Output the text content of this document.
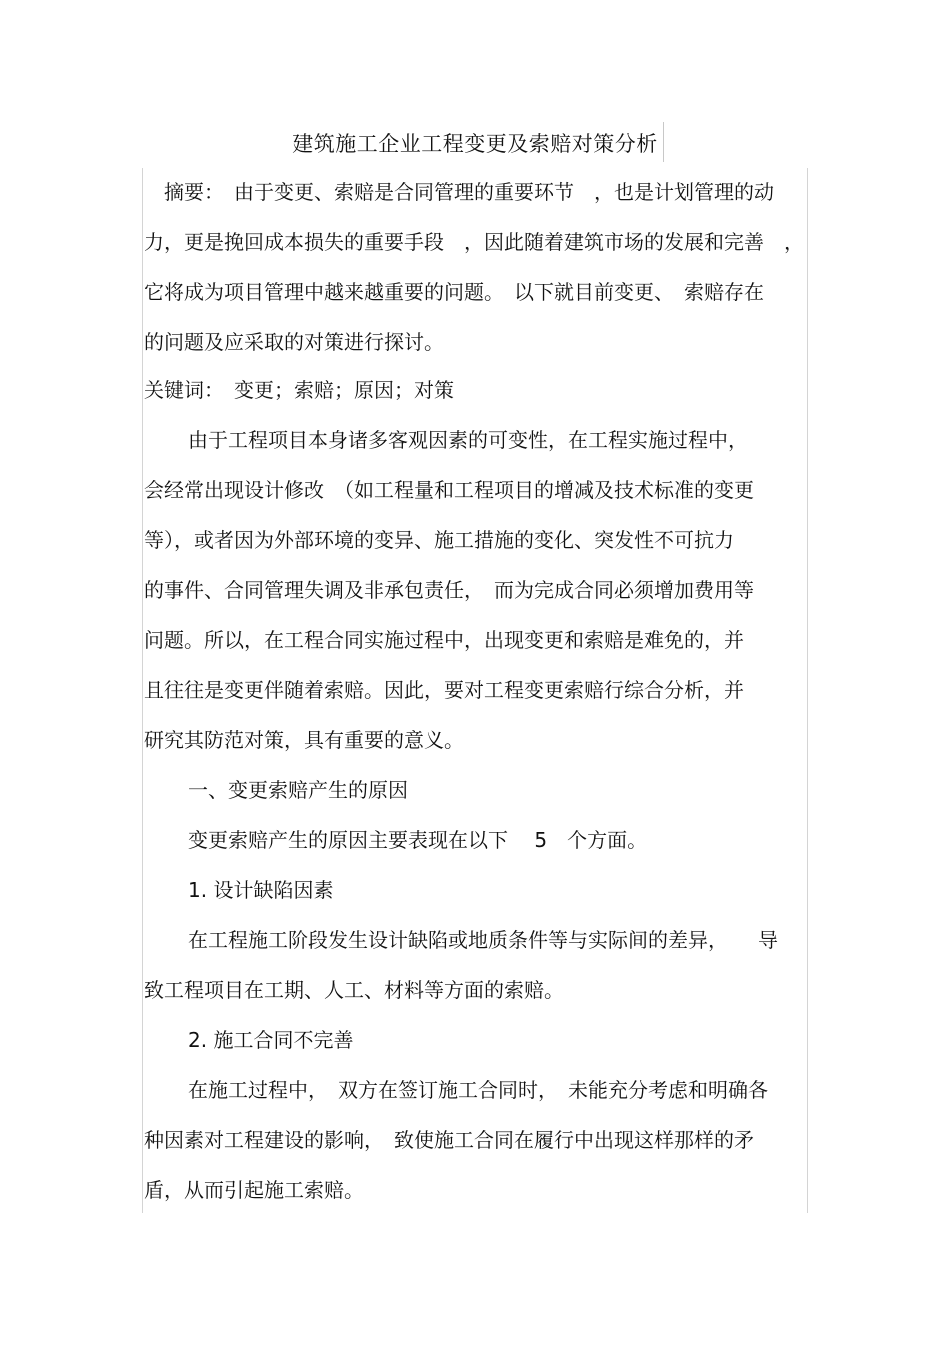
建筑施工企业工程变更及索赔对策分析
　摘要：　由于变更、索赔是合同管理的重要环节　，也是计划管理的动
力，更是挽回成本损失的重要手段　，因此随着建筑市场的发展和完善　，
它将成为项目管理中越来越重要的问题。　以下就目前变更、　索赔存在
的问题及应采取的对策进行探讨。
关键词：　变更；索赔；原因；对策
由于工程项目本身诸多客观因素的可变性，在工程实施过程中，
会经常出现设计修改　（如工程量和工程项目的增减及技术标准的变更
等），或者因为外部环境的变异、施工措施的变化、突发性不可抗力
的事件、合同管理失调及非承包责任，　而为完成合同必须增加费用等
问题。所以，在工程合同实施过程中，出现变更和索赔是难免的，并
且往往是变更伴随着索赔。因此，要对工程变更索赔行综合分析，并
研究其防范对策，具有重要的意义。
一、变更索赔产生的原因
变更索赔产生的原因主要表现在以下　 5　个方面。
1. 设计缺陷因素
在工程施工阶段发生设计缺陷或地质条件等与实际间的差异，　　导
致工程项目在工期、人工、材料等方面的索赔。
2. 施工合同不完善
在施工过程中，　双方在签订施工合同时，　未能充分考虑和明确各
种因素对工程建设的影响，　致使施工合同在履行中出现这样那样的矛
盾，从而引起施工索赔。
